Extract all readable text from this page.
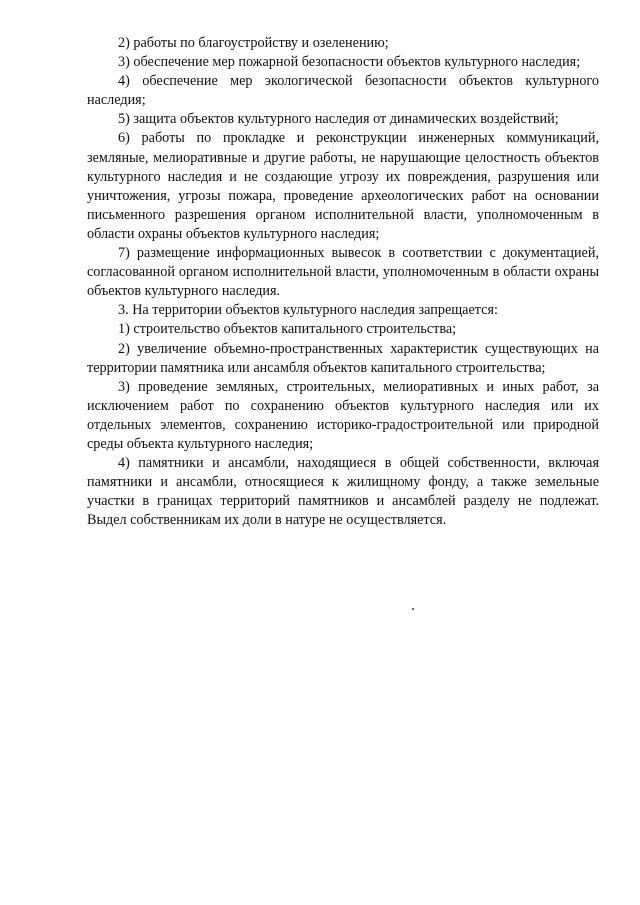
2) работы по благоустройству и озеленению;

3) обеспечение мер пожарной безопасности объектов культурного наследия;

4) обеспечение мер экологической безопасности объектов культурного наследия;

5) защита объектов культурного наследия от динамических воздействий;

6) работы по прокладке и реконструкции инженерных коммуникаций, земляные, мелиоративные и другие работы, не нарушающие целостность объектов культурного наследия и не создающие угрозу их повреждения, разрушения или уничтожения, угрозы пожара, проведение археологических работ на основании письменного разрешения органом исполнительной власти, уполномоченным в области охраны объектов культурного наследия;

7) размещение информационных вывесок в соответствии с документацией, согласованной органом исполнительной власти, уполномоченным в области охраны объектов культурного наследия.

3. На территории объектов культурного наследия запрещается:

1) строительство объектов капитального строительства;

2) увеличение объемно-пространственных характеристик существующих на территории памятника или ансамбля объектов капитального строительства;

3) проведение земляных, строительных, мелиоративных и иных работ, за исключением работ по сохранению объектов культурного наследия или их отдельных элементов, сохранению историко-градостроительной или природной среды объекта культурного наследия;

4) памятники и ансамбли, находящиеся в общей собственности, включая памятники и ансамбли, относящиеся к жилищному фонду, а также земельные участки в границах территорий памятников и ансамблей разделу не подлежат. Выдел собственникам их доли в натуре не осуществляется.
